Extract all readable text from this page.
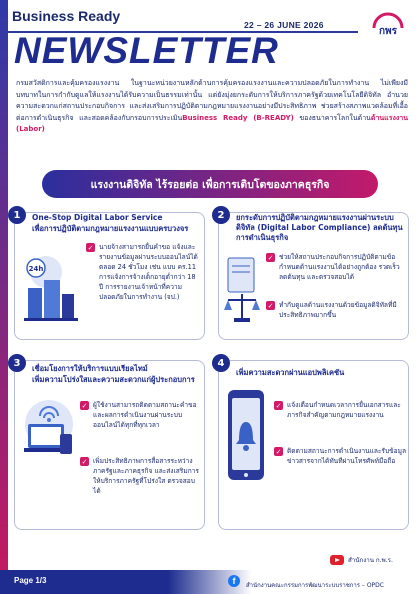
Business Ready
22 – 26 JUNE 2026
กพร
NEWSLETTER
กรมสวัสดิการและคุ้มครองแรงงาน ในฐานะหน่วยงานหลักด้านการคุ้มครองแรงงานและความปลอดภัยในการทำงาน ไม่เพียงมีบทบาทในการกำกับดูแลให้แรงงานได้รับความเป็นธรรมเท่านั้น แต่ยังมุ่งยกระดับการให้บริการภาครัฐด้วยเทคโนโลยีดิจิทัล อำนวยความสะดวกแก่สถานประกอบกิจการ และส่งเสริมการปฏิบัติตามกฎหมายแรงงานอย่างมีประสิทธิภาพ ช่วยสร้างสภาพแวดล้อมที่เอื้อต่อการดำเนินธุรกิจ และสอดคล้องกับกรอบการประเมินBusiness Ready (B-READY) ของธนาคารโลกในด้านด้านแรงงาน (Labor)
แรงงานดิจิทัล ไร้รอยต่อ เพื่อการเติบโตของภาคธุรกิจ
1	One-Stop Digital Labor Service
เพื่อการปฏิบัติตามกฎหมายแรงงานแบบครบวงจร
24h
✓ นายจ้างสามารถยื่นคำขอ แจ้งและรายงานข้อมูลผ่านระบบออนไลน์ได้ตลอด 24 ชั่วโมง เช่น แบบ คร.11 การแจ้งการจ้างเด็กอายุต่ำกว่า 18 ปี การรายงานเจ้าหน้าที่ความปลอดภัยในการทำงาน (จป.)
2	ยกระดับการปฏิบัติตามกฎหมายแรงงานผ่านระบบดิจิทัล (Digital Labor Compliance) ลดต้นทุนการดำเนินธุรกิจ
✓ ช่วยให้สถานประกอบกิจการปฏิบัติตามข้อกำหนดด้านแรงงานได้อย่างถูกต้อง รวดเร็ว ลดต้นทุน และตรวจสอบได้
✓ ทำกับดูแลด้านแรงงานด้วยข้อมูลดิจิทัลที่มีประสิทธิภาพมากขึ้น
3	เชื่อมโยงการให้บริการแบบเรียลไทม์
เพิ่มความโปร่งใสและความสะดวกแก่ผู้ประกอบการ
✓ ผู้ใช้งานสามารถติดตามสถานะคำขอและผลการดำเนินงานผ่านระบบออนไลน์ได้ทุกที่ทุกเวลา
✓ เพิ่มประสิทธิภาพการสื่อสารระหว่างภาครัฐและภาคธุรกิจ และส่งเสริมการให้บริการภาครัฐที่โปร่งใส ตรวจสอบได้
4
เพิ่มความสะดวกผ่านแอปพลิเคชัน
✓ แจ้งเตือนกำหนดเวลาการยื่นเอกสารและภารกิจสำคัญตามกฎหมายแรงงาน
✓ ติดตามสถานะการดำเนินงานและรับข้อมูลข่าวสารจากได้ทันทีผ่านโทรศัพท์มือถือ
สำนักงาน ก.พ.ร.
Page 1/3	f	สำนักงานคณะกรรมการพัฒนาระบบราชการ – OPDC
